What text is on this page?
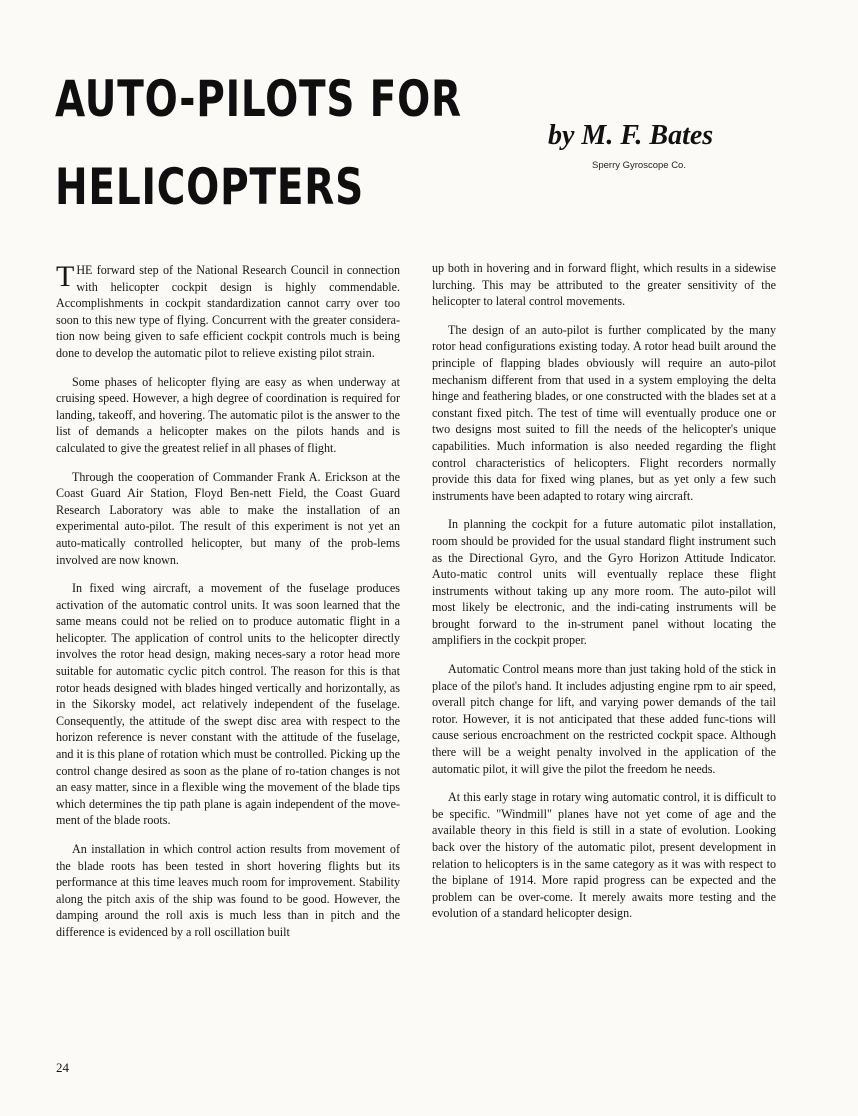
AUTO-PILOTS FOR
HELICOPTERS
by M. F. Bates
Sperry Gyroscope Co.

THE forward step of the National Research Council in connection with helicopter cockpit design is highly commendable. Accomplishments in cockpit standardization cannot carry over too soon to this new type of flying. Concurrent with the greater considera-tion now being given to safe efficient cockpit controls much is being done to develop the automatic pilot to relieve existing pilot strain.

Some phases of helicopter flying are easy as when underway at cruising speed. However, a high degree of coordination is required for landing, takeoff, and hovering. The automatic pilot is the answer to the list of demands a helicopter makes on the pilots hands and is calculated to give the greatest relief in all phases of flight.

Through the cooperation of Commander Frank A. Erickson at the Coast Guard Air Station, Floyd Ben-nett Field, the Coast Guard Research Laboratory was able to make the installation of an experimental auto-pilot. The result of this experiment is not yet an auto-matically controlled helicopter, but many of the prob-lems involved are now known.

In fixed wing aircraft, a movement of the fuselage produces activation of the automatic control units. It was soon learned that the same means could not be relied on to produce automatic flight in a helicopter. The application of control units to the helicopter directly involves the rotor head design, making neces-sary a rotor head more suitable for automatic cyclic pitch control. The reason for this is that rotor heads designed with blades hinged vertically and horizontally, as in the Sikorsky model, act relatively independent of the fuselage. Consequently, the attitude of the swept disc area with respect to the horizon reference is never constant with the attitude of the fuselage, and it is this plane of rotation which must be controlled. Picking up the control change desired as soon as the plane of ro-tation changes is not an easy matter, since in a flexible wing the movement of the blade tips which determines the tip path plane is again independent of the move-ment of the blade roots.

An installation in which control action results from movement of the blade roots has been tested in short hovering flights but its performance at this time leaves much room for improvement. Stability along the pitch axis of the ship was found to be good. However, the damping around the roll axis is much less than in pitch and the difference is evidenced by a roll oscillation built

up both in hovering and in forward flight, which results in a sidewise lurching. This may be attributed to the greater sensitivity of the helicopter to lateral control movements.

The design of an auto-pilot is further complicated by the many rotor head configurations existing today. A rotor head built around the principle of flapping blades obviously will require an auto-pilot mechanism different from that used in a system employing the delta hinge and feathering blades, or one constructed with the blades set at a constant fixed pitch. The test of time will eventually produce one or two designs most suited to fill the needs of the helicopter's unique capabilities. Much information is also needed regarding the flight control characteristics of helicopters. Flight recorders normally provide this data for fixed wing planes, but as yet only a few such instruments have been adapted to rotary wing aircraft.

In planning the cockpit for a future automatic pilot installation, room should be provided for the usual standard flight instrument such as the Directional Gyro, and the Gyro Horizon Attitude Indicator. Auto-matic control units will eventually replace these flight instruments without taking up any more room. The auto-pilot will most likely be electronic, and the indi-cating instruments will be brought forward to the in-strument panel without locating the amplifiers in the cockpit proper.

Automatic Control means more than just taking hold of the stick in place of the pilot's hand. It includes adjusting engine rpm to air speed, overall pitch change for lift, and varying power demands of the tail rotor. However, it is not anticipated that these added func-tions will cause serious encroachment on the restricted cockpit space. Although there will be a weight penalty involved in the application of the automatic pilot, it will give the pilot the freedom he needs.

At this early stage in rotary wing automatic control, it is difficult to be specific. "Windmill" planes have not yet come of age and the available theory in this field is still in a state of evolution. Looking back over the history of the automatic pilot, present development in relation to helicopters is in the same category as it was with respect to the biplane of 1914. More rapid progress can be expected and the problem can be over-come. It merely awaits more testing and the evolution of a standard helicopter design.

24
